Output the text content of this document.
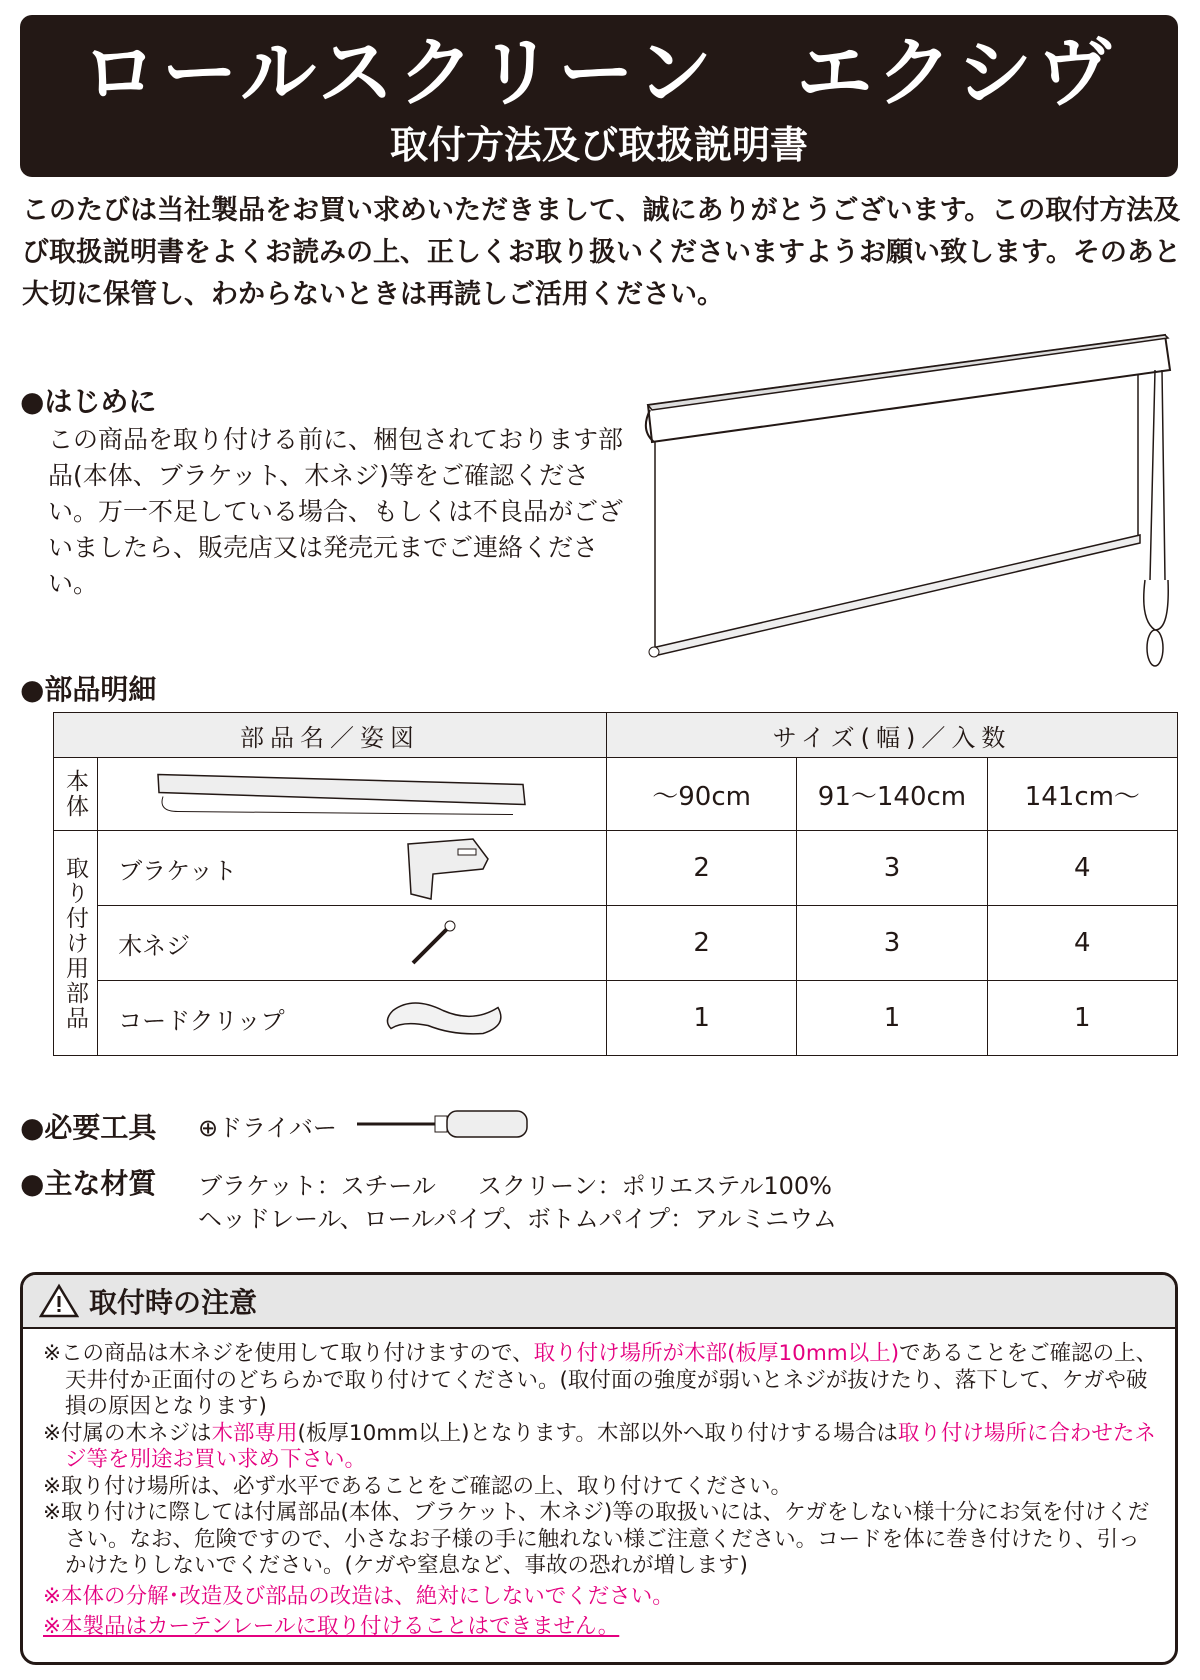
ロールスクリーン　エクシヴ
取付方法及び取扱説明書
このたびは当社製品をお買い求めいただきまして、誠にありがとうございます。この取付方法及び取扱説明書をよくお読みの上、正しくお取り扱いくださいますようお願い致します。そのあと大切に保管し、わからないときは再読しご活用ください。
●はじめに
この商品を取り付ける前に、梱包されております部品(本体、ブラケット、木ネジ)等をご確認ください。万一不足している場合、もしくは不良品がございましたら、販売店又は発売元までご連絡ください。
●部品明細
部品名／姿図		サイズ(幅)／入数		
本体		～90cm	91～140cm	141cm～
取り付け用部品	ブラケット	2	3	4
	木ネジ	2	3	4
	コードクリップ	1	1	1
●必要工具 ⊕ドライバー
●主な材質 ブラケット：スチール スクリーン：ポリエステル100%
ヘッドレール、ロールパイプ、ボトムパイプ：アルミニウム
取付時の注意
※この商品は木ネジを使用して取り付けますので、取り付け場所が木部(板厚10mm以上)であることをご確認の上、天井付か正面付のどちらかで取り付けてください。(取付面の強度が弱いとネジが抜けたり、落下して、ケガや破損の原因となります)
※付属の木ネジは木部専用(板厚10mm以上)となります。木部以外へ取り付けする場合は取り付け場所に合わせたネジ等を別途お買い求め下さい。
※取り付け場所は、必ず水平であることをご確認の上、取り付けてください。
※取り付けに際しては付属部品(本体、ブラケット、木ネジ)等の取扱いには、ケガをしない様十分にお気を付けください。なお、危険ですので、小さなお子様の手に触れない様ご注意ください。コードを体に巻き付けたり、引っかけたりしないでください。(ケガや窒息など、事故の恐れが増します)
※本体の分解･改造及び部品の改造は、絶対にしないでください。
※本製品はカーテンレールに取り付けることはできません。
